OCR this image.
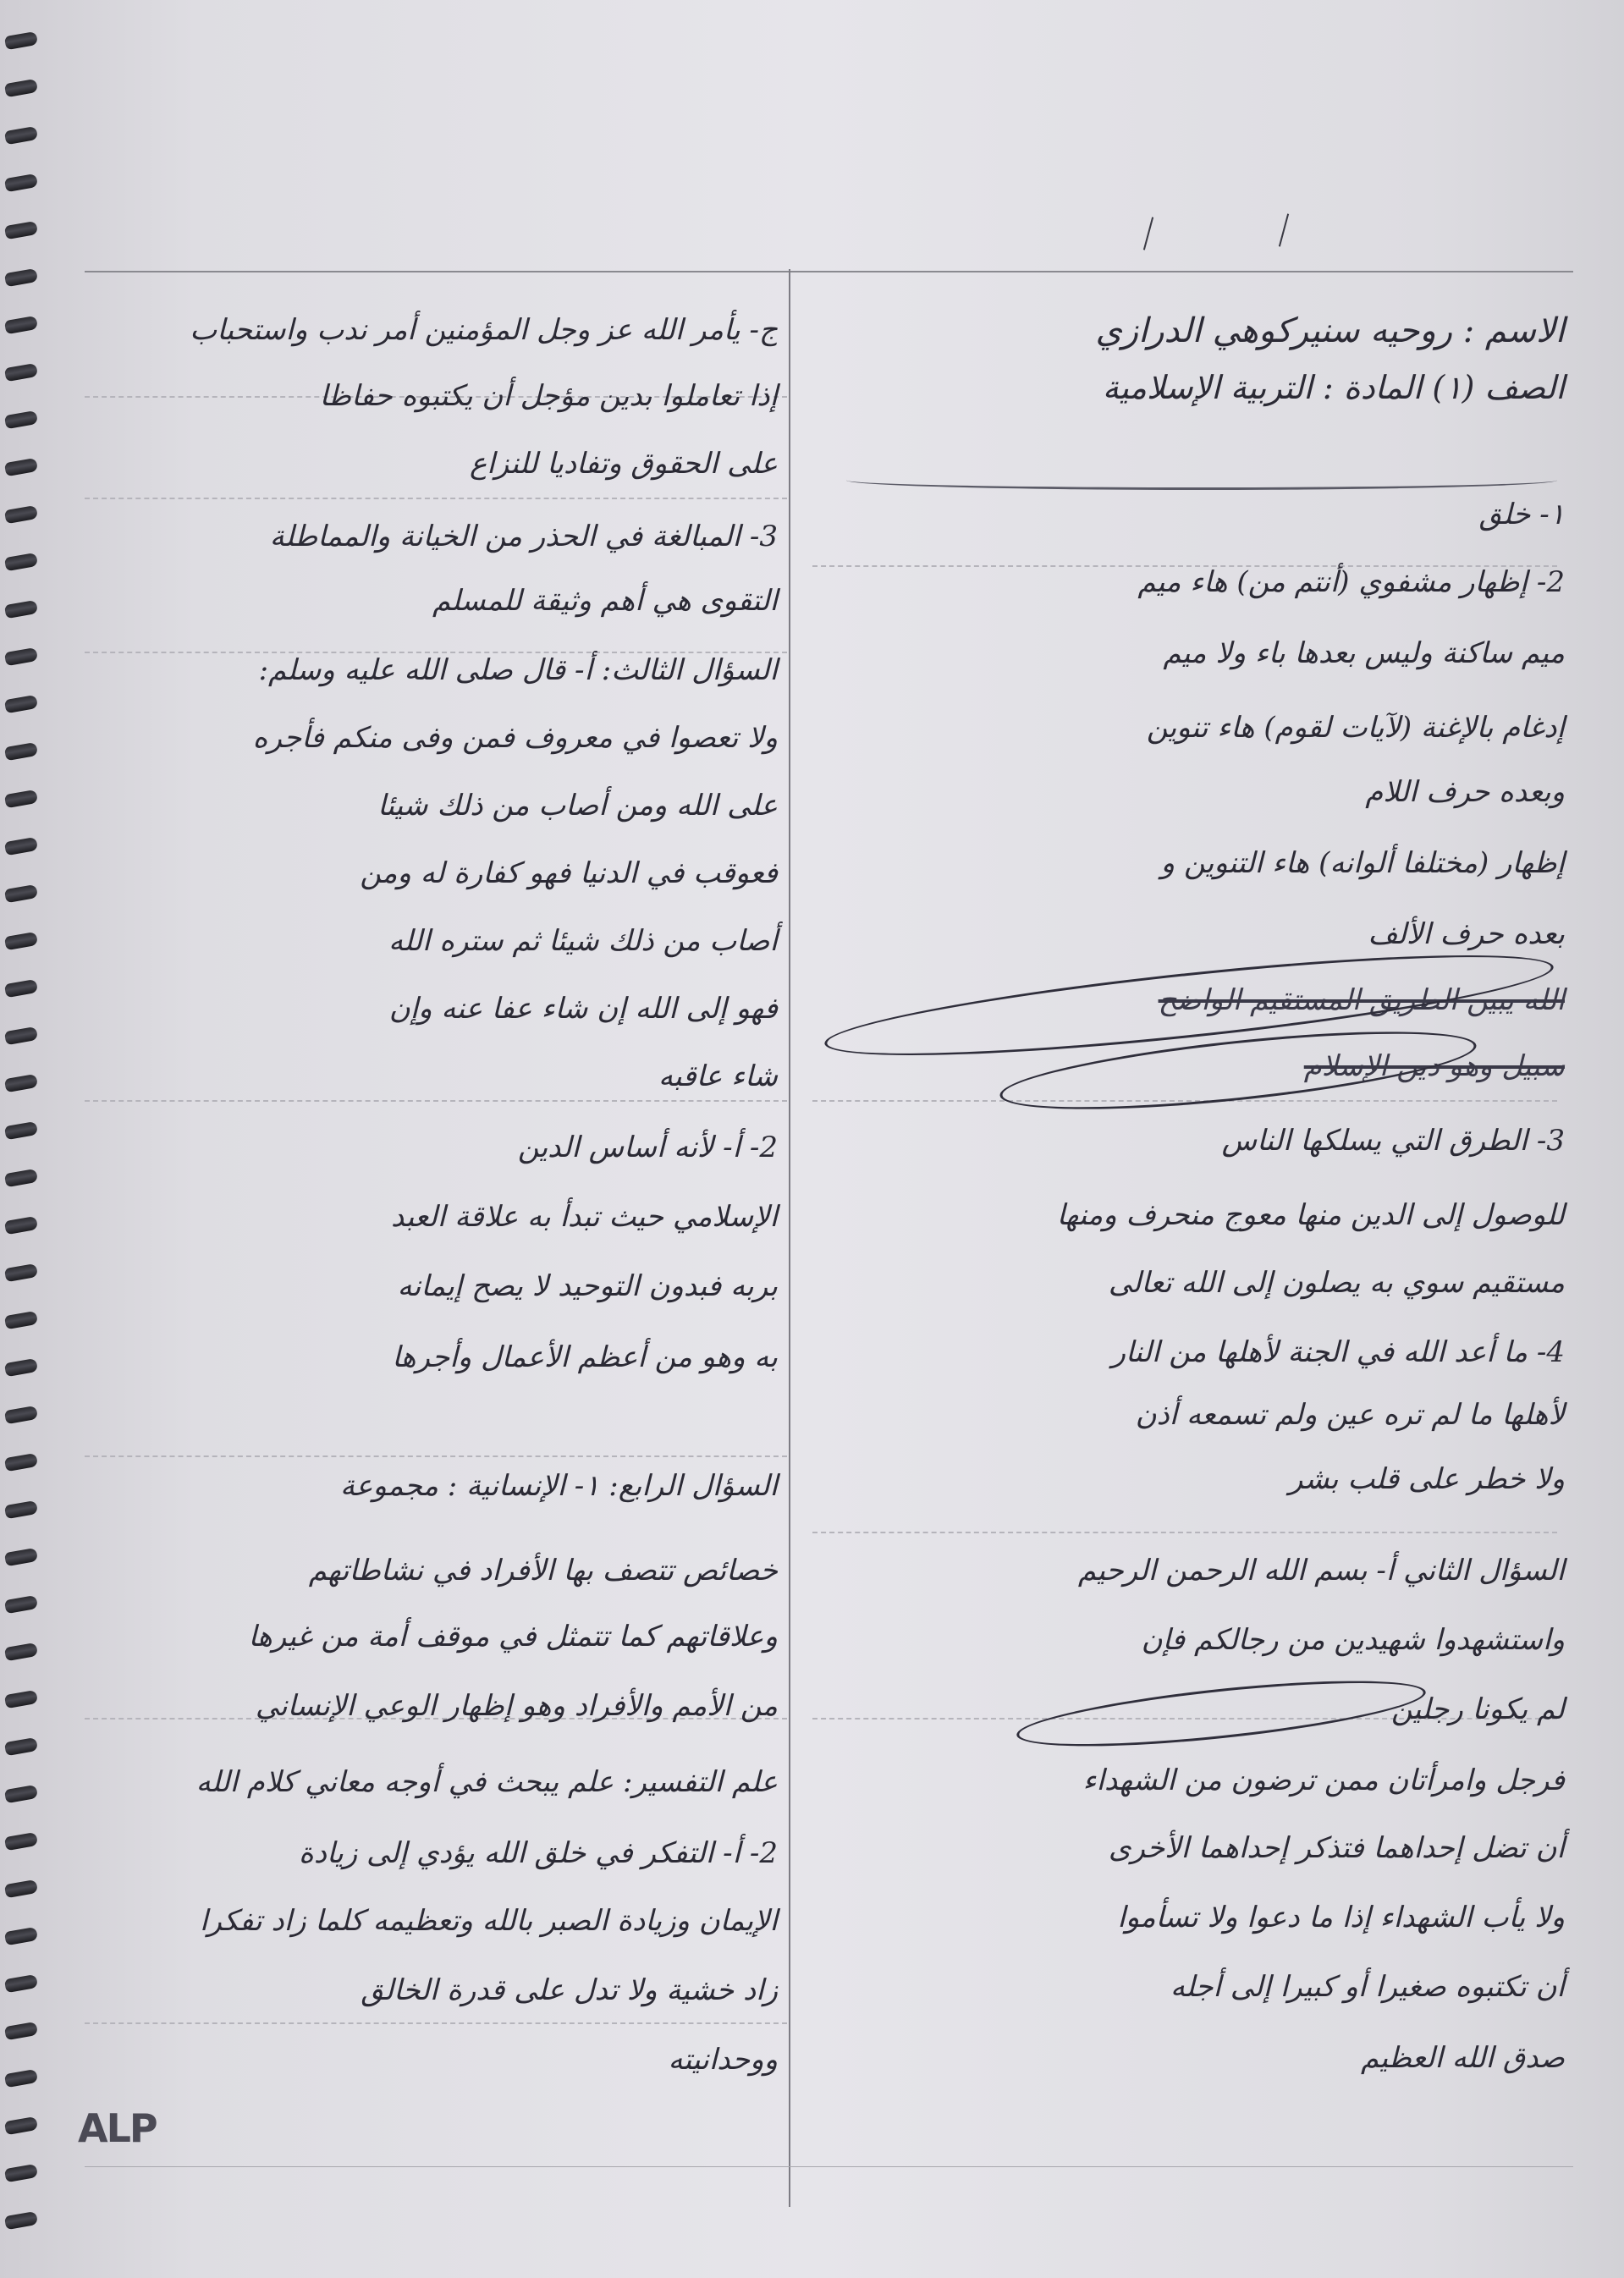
الاسم : روحيه سنيركوهي الدرازي
الصف (١) المادة : التربية الإسلامية
١- خلق
2- إظهار مشفوي (أنتم من) هاء ميم
ميم ساكنة وليس بعدها باء ولا ميم
إدغام بالإغنة (لآيات لقوم) هاء تنوين
وبعده حرف اللام
إظهار (مختلفا ألوانه) هاء التنوين و
بعده حرف الألف
الله يبين الطريق المستقيم الواضح
سبيل وهو دين الإسلام
3- الطرق التي يسلكها الناس
للوصول إلى الدين منها معوج منحرف ومنها
مستقيم سوي به يصلون إلى الله تعالى
4- ما أعد الله في الجنة لأهلها من النار
لأهلها ما لم تره عين ولم تسمعه أذن
ولا خطر على قلب بشر
السؤال الثاني أ- بسم الله الرحمن الرحيم
واستشهدوا شهيدين من رجالكم فإن
لم يكونا رجلين
فرجل وامرأتان ممن ترضون من الشهداء
أن تضل إحداهما فتذكر إحداهما الأخرى
ولا يأب الشهداء إذا ما دعوا ولا تسأموا
أن تكتبوه صغيرا أو كبيرا إلى أجله
صدق الله العظيم
ج- يأمر الله عز وجل المؤمنين أمر ندب واستحباب
إذا تعاملوا بدين مؤجل أن يكتبوه حفاظا
على الحقوق وتفاديا للنزاع
3- المبالغة في الحذر من الخيانة والمماطلة
التقوى هي أهم وثيقة للمسلم
السؤال الثالث: أ- قال صلى الله عليه وسلم:
ولا تعصوا في معروف فمن وفى منكم فأجره
على الله ومن أصاب من ذلك شيئا
فعوقب في الدنيا فهو كفارة له ومن
أصاب من ذلك شيئا ثم ستره الله
فهو إلى الله إن شاء عفا عنه وإن
شاء عاقبه
2- أ- لأنه أساس الدين
الإسلامي حيث تبدأ به علاقة العبد
بربه فبدون التوحيد لا يصح إيمانه
به وهو من أعظم الأعمال وأجرها
السؤال الرابع: ١- الإنسانية : مجموعة
خصائص تتصف بها الأفراد في نشاطاتهم
وعلاقاتهم كما تتمثل في موقف أمة من غيرها
من الأمم والأفراد وهو إظهار الوعي الإنساني
علم التفسير: علم يبحث في أوجه معاني كلام الله
2- أ- التفكر في خلق الله يؤدي إلى زيادة
الإيمان وزيادة الصبر بالله وتعظيمه كلما زاد تفكرا
زاد خشية ولا تدل على قدرة الخالق
ووحدانيته
ALP
